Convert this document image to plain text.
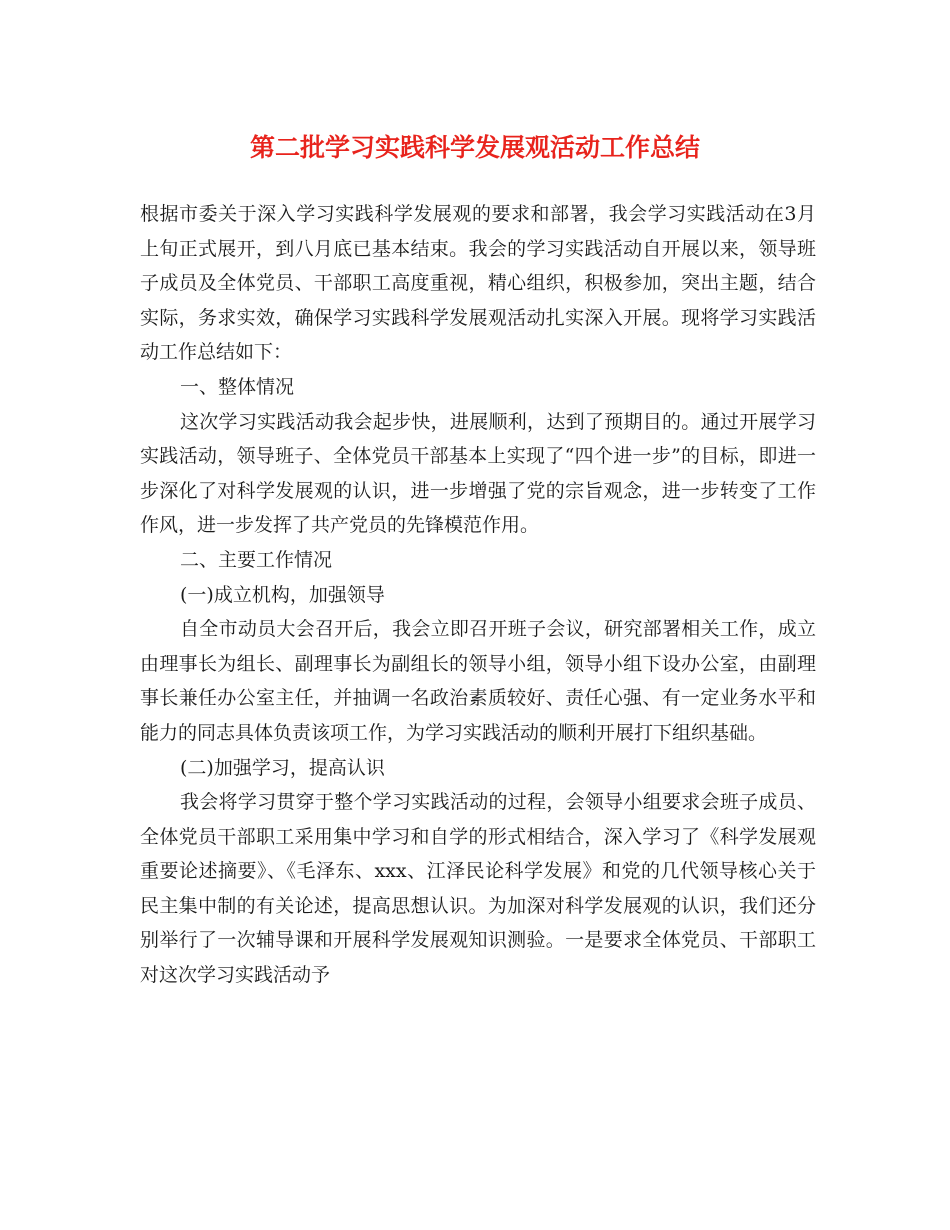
第二批学习实践科学发展观活动工作总结

根据市委关于深入学习实践科学发展观的要求和部署，我会学习实践活动在3月上旬正式展开，到八月底已基本结束。我会的学习实践活动自开展以来，领导班子成员及全体党员、干部职工高度重视，精心组织，积极参加，突出主题，结合实际，务求实效，确保学习实践科学发展观活动扎实深入开展。现将学习实践活动工作总结如下：

一、整体情况

这次学习实践活动我会起步快，进展顺利，达到了预期目的。通过开展学习实践活动，领导班子、全体党员干部基本上实现了“四个进一步”的目标，即进一步深化了对科学发展观的认识，进一步增强了党的宗旨观念，进一步转变了工作作风，进一步发挥了共产党员的先锋模范作用。

二、主要工作情况

(一)成立机构，加强领导

自全市动员大会召开后，我会立即召开班子会议，研究部署相关工作，成立由理事长为组长、副理事长为副组长的领导小组，领导小组下设办公室，由副理事长兼任办公室主任，并抽调一名政治素质较好、责任心强、有一定业务水平和能力的同志具体负责该项工作，为学习实践活动的顺利开展打下组织基础。

(二)加强学习，提高认识

我会将学习贯穿于整个学习实践活动的过程，会领导小组要求会班子成员、全体党员干部职工采用集中学习和自学的形式相结合，深入学习了《科学发展观重要论述摘要》、《毛泽东、xxx、江泽民论科学发展》和党的几代领导核心关于民主集中制的有关论述，提高思想认识。为加深对科学发展观的认识，我们还分别举行了一次辅导课和开展科学发展观知识测验。一是要求全体党员、干部职工对这次学习实践活动予
